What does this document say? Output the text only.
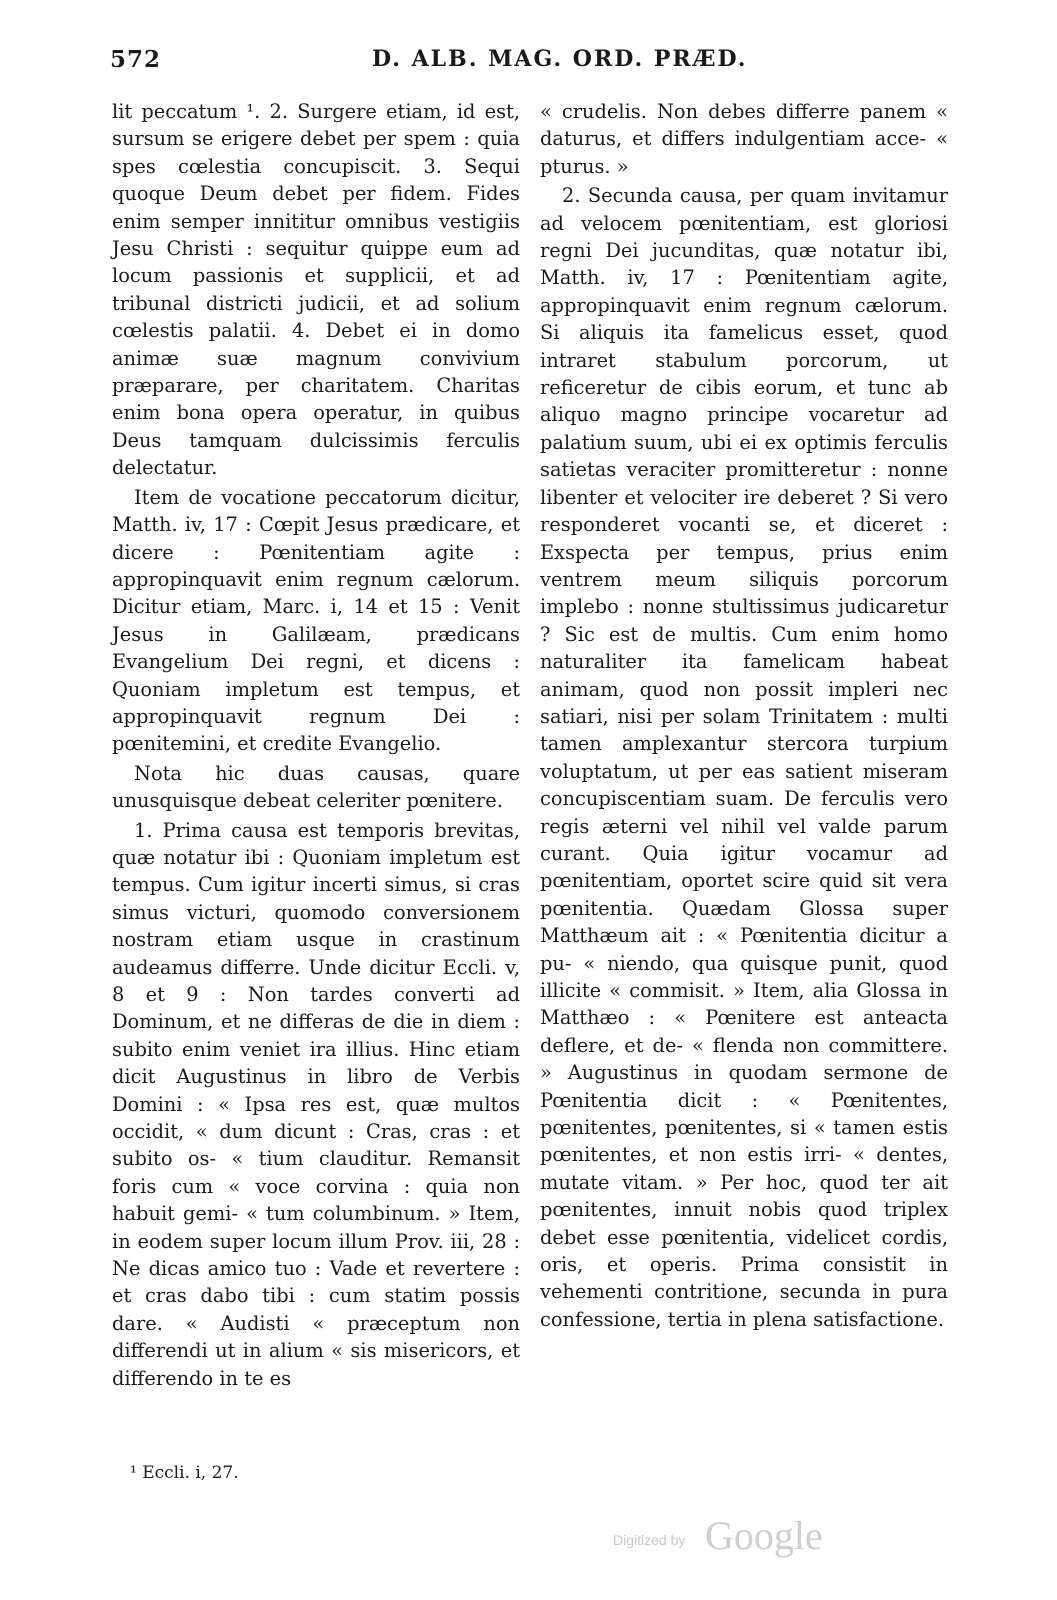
572	D. ALB. MAG. ORD. PRÆD.

lit peccatum ¹. 2. Surgere etiam, id est, sursum se erigere debet per spem : quia spes cœlestia concupiscit. 3. Sequi quoque Deum debet per fidem. Fides enim semper innititur omnibus vestigiis Jesu Christi : sequitur quippe eum ad locum passionis et supplicii, et ad tribunal districti judicii, et ad solium cœlestis palatii. 4. Debet ei in domo animæ suæ magnum convivium præparare, per charitatem. Charitas enim bona opera operatur, in quibus Deus tamquam dulcissimis ferculis delectatur.

Item de vocatione peccatorum dicitur, Matth. iv, 17 : Cœpit Jesus prædicare, et dicere : Pœnitentiam agite : appropinquavit enim regnum cælorum. Dicitur etiam, Marc. i, 14 et 15 : Venit Jesus in Galilæam, prædicans Evangelium Dei regni, et dicens : Quoniam impletum est tempus, et appropinquavit regnum Dei : pœnitemini, et credite Evangelio.

Nota hic duas causas, quare unusquisque debeat celeriter pœnitere.

1. Prima causa est temporis brevitas, quæ notatur ibi : Quoniam impletum est tempus. Cum igitur incerti simus, si cras simus victuri, quomodo conversionem nostram etiam usque in crastinum audeamus differre. Unde dicitur Eccli. v, 8 et 9 : Non tardes converti ad Dominum, et ne differas de die in diem : subito enim veniet ira illius. Hinc etiam dicit Augustinus in libro de Verbis Domini : « Ipsa res est, quæ multos occidit, « dum dicunt : Cras, cras : et subito os- « tium clauditur. Remansit foris cum « voce corvina : quia non habuit gemi- « tum columbinum. » Item, in eodem super locum illum Prov. iii, 28 : Ne dicas amico tuo : Vade et revertere : et cras dabo tibi : cum statim possis dare. « Audisti « præceptum non differendi ut in alium « sis misericors, et differendo in te es

« crudelis. Non debes differre panem « daturus, et differs indulgentiam acce- « pturus. »

2. Secunda causa, per quam invitamur ad velocem pœnitentiam, est gloriosi regni Dei jucunditas, quæ notatur ibi, Matth. iv, 17 : Pœnitentiam agite, appropinquavit enim regnum cælorum. Si aliquis ita famelicus esset, quod intraret stabulum porcorum, ut reficeretur de cibis eorum, et tunc ab aliquo magno principe vocaretur ad palatium suum, ubi ei ex optimis ferculis satietas veraciter promitteretur : nonne libenter et velociter ire deberet ? Si vero responderet vocanti se, et diceret : Exspecta per tempus, prius enim ventrem meum siliquis porcorum implebo : nonne stultissimus judicaretur ? Sic est de multis. Cum enim homo naturaliter ita famelicam habeat animam, quod non possit impleri nec satiari, nisi per solam Trinitatem : multi tamen amplexantur stercora turpium voluptatum, ut per eas satient miseram concupiscentiam suam. De ferculis vero regis æterni vel nihil vel valde parum curant. Quia igitur vocamur ad pœnitentiam, oportet scire quid sit vera pœnitentia. Quædam Glossa super Matthæum ait : « Pœnitentia dicitur a pu- « niendo, qua quisque punit, quod illicite « commisit. » Item, alia Glossa in Matthæo : « Pœnitere est anteacta deflere, et de- « flenda non committere. » Augustinus in quodam sermone de Pœnitentia dicit : « Pœnitentes, pœnitentes, pœnitentes, si « tamen estis pœnitentes, et non estis irri- « dentes, mutate vitam. » Per hoc, quod ter ait pœnitentes, innuit nobis quod triplex debet esse pœnitentia, videlicet cordis, oris, et operis. Prima consistit in vehementi contritione, secunda in pura confessione, tertia in plena satisfactione.

¹ Eccli. i, 27.
Digitized by Google
